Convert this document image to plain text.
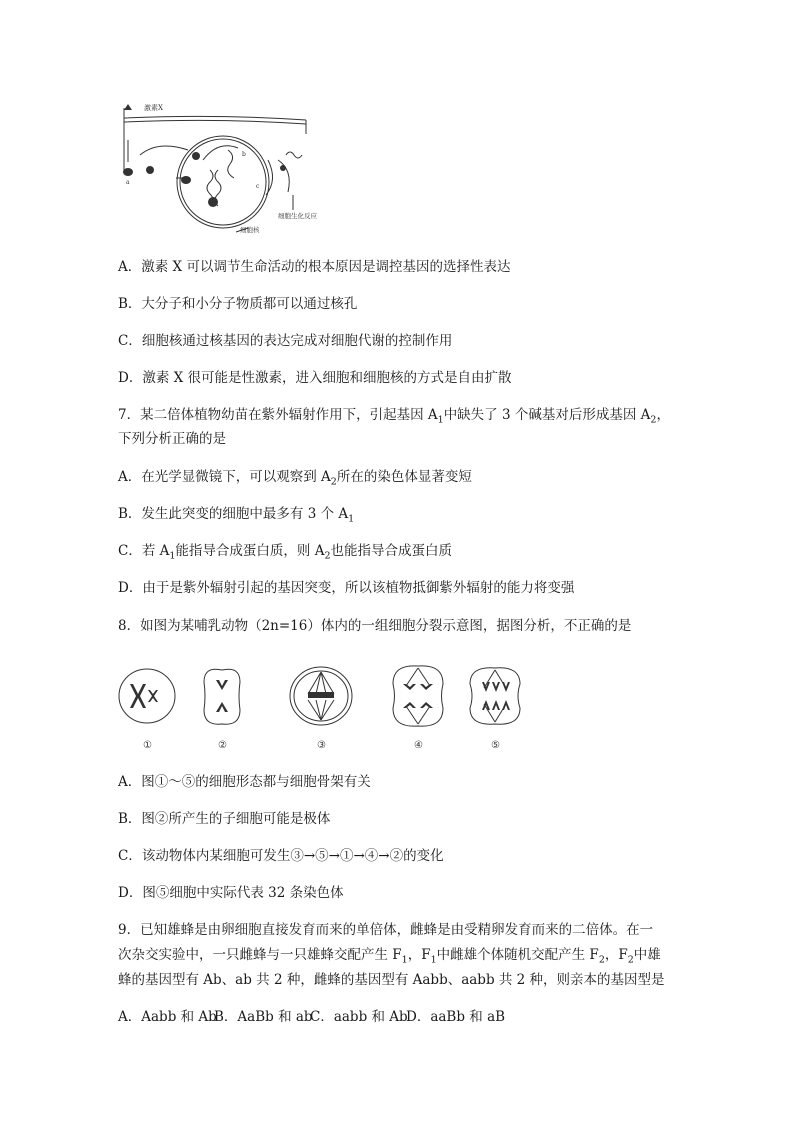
激素X
a
b
c
细胞生化反应
细胞核
A．激素 X 可以调节生命活动的根本原因是调控基因的选择性表达
B．大分子和小分子物质都可以通过核孔
C．细胞核通过核基因的表达完成对细胞代谢的控制作用
D．激素 X 很可能是性激素，进入细胞和细胞核的方式是自由扩散
7．某二倍体植物幼苗在紫外辐射作用下，引起基因 $A_1$中缺失了 3 个碱基对后形成基因 $A_2$，
下列分析正确的是
A．在光学显微镜下，可以观察到 $A_2$所在的染色体显著变短
B．发生此突变的细胞中最多有 3 个 $A_1$
C．若 $A_1$能指导合成蛋白质，则 $A_2$也能指导合成蛋白质
D．由于是紫外辐射引起的基因突变，所以该植物抵御紫外辐射的能力将变强
8．如图为某哺乳动物（2n=16）体内的一组细胞分裂示意图，据图分析，不正确的是
①	②	③	④	⑤
A．图①～⑤的细胞形态都与细胞骨架有关
B．图②所产生的子细胞可能是极体
C．该动物体内某细胞可发生③→⑤→①→④→②的变化
D．图⑤细胞中实际代表 32 条染色体
9．已知雄蜂是由卵细胞直接发育而来的单倍体，雌蜂是由受精卵发育而来的二倍体。在一
次杂交实验中，一只雌蜂与一只雄蜂交配产生 $F_1$，$F_1$中雌雄个体随机交配产生 $F_2$，$F_2$中雄
蜂的基因型有 Ab、ab 共 2 种，雌蜂的基因型有 Aabb、aabb 共 2 种，则亲本的基因型是
A．Aabb 和 AbB．AaBb 和 abC．aabb 和 AbD．aaBb 和 aB
